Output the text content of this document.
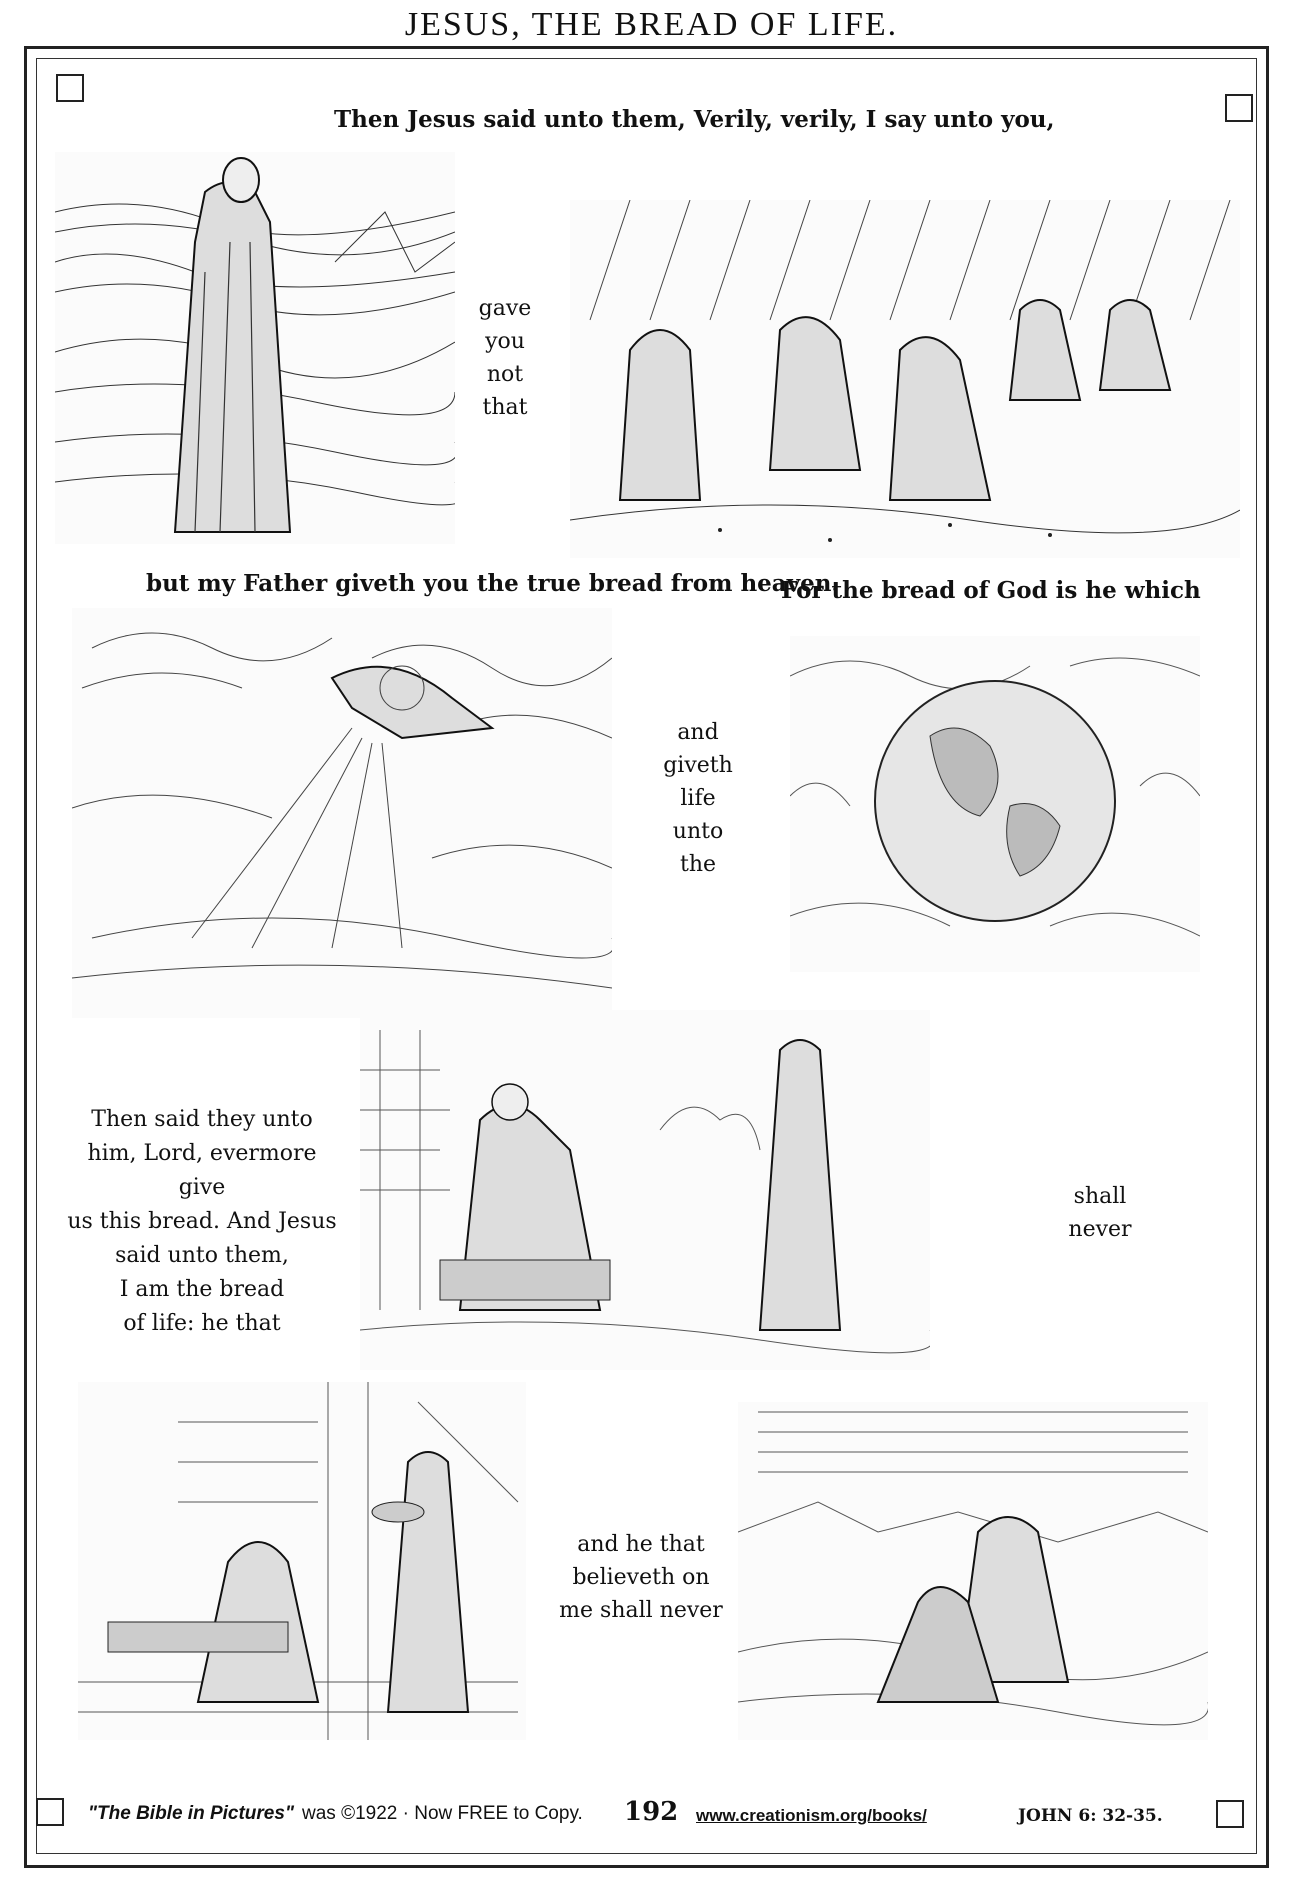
JESUS, THE BREAD OF LIFE.
Then Jesus said unto them, Verily, verily, I say unto you,
gave
you
not
that
but my Father giveth you the true bread from heaven.
For the bread of God is he which
and
giveth
life
unto
the
Then said they unto
him, Lord, evermore give
us this bread. And Jesus
said unto them,
I am the bread
of life: he that
shall
never
and he that
believeth on
me shall never
"The Bible in Pictures" was ©1922 · Now FREE to Copy. 192 www.creationism.org/books/	JOHN 6: 32-35.
